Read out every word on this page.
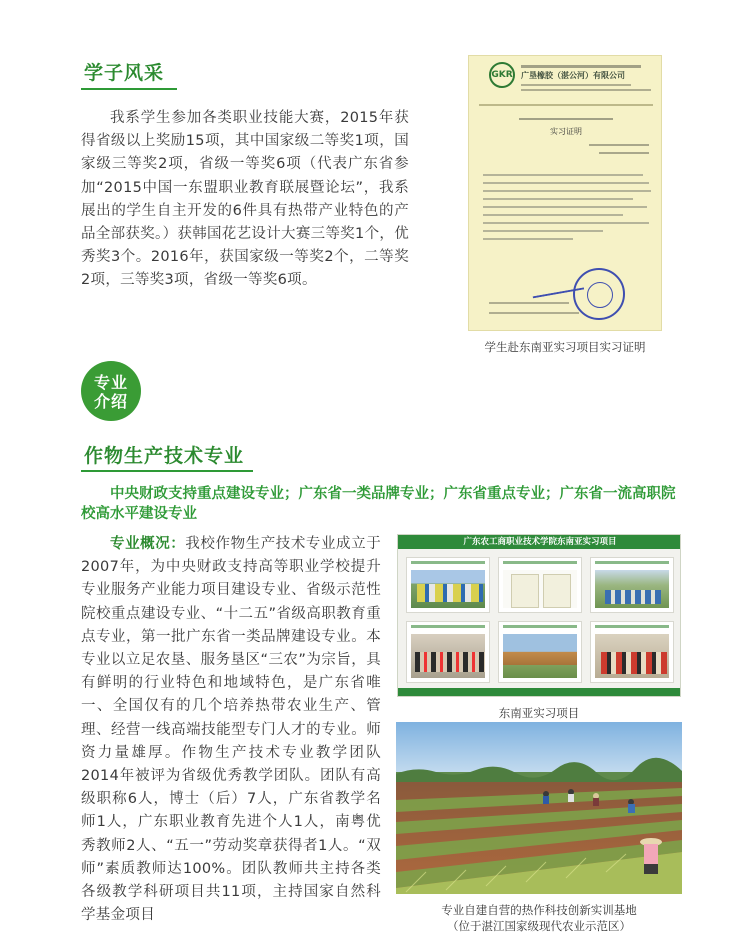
学子风采
我系学生参加各类职业技能大赛，2015年获得省级以上奖励15项，其中国家级二等奖1项，国家级三等奖2项，省级一等奖6项（代表广东省参加“2015中国一东盟职业教育联展暨论坛”，我系展出的学生自主开发的6件具有热带产业特色的产品全部获奖。）获韩国花艺设计大赛三等奖1个，优秀奖3个。2016年，获国家级一等奖2个，二等奖2项，三等奖3项，省级一等奖6项。
GKR 广垦橡胶（湛公河）有限公司
实习证明
学生赴东南亚实习项目实习证明
专业
介绍
作物生产技术专业
中央财政支持重点建设专业；广东省一类品牌专业；广东省重点专业；广东省一流高职院校高水平建设专业
专业概况：我校作物生产技术专业成立于2007年，为中央财政支持高等职业学校提升专业服务产业能力项目建设专业、省级示范性院校重点建设专业、“十二五”省级高职教育重点专业，第一批广东省一类品牌建设专业。本专业以立足农垦、服务垦区“三农”为宗旨，具有鲜明的行业特色和地域特色，是广东省唯一、全国仅有的几个培养热带农业生产、管理、经营一线高端技能型专门人才的专业。师资力量雄厚。作物生产技术专业教学团队2014年被评为省级优秀教学团队。团队有高级职称6人，博士（后）7人，广东省教学名师1人，广东职业教育先进个人1人，南粤优秀教师2人、“五一”劳动奖章获得者1人。“双师”素质教师达100%。团队教师共主持各类各级教学科研项目共11项，主持国家自然科学基金项目
广东农工商职业技术学院东南亚实习项目
东南亚实习项目
专业自建自营的热作科技创新实训基地
（位于湛江国家级现代农业示范区）
